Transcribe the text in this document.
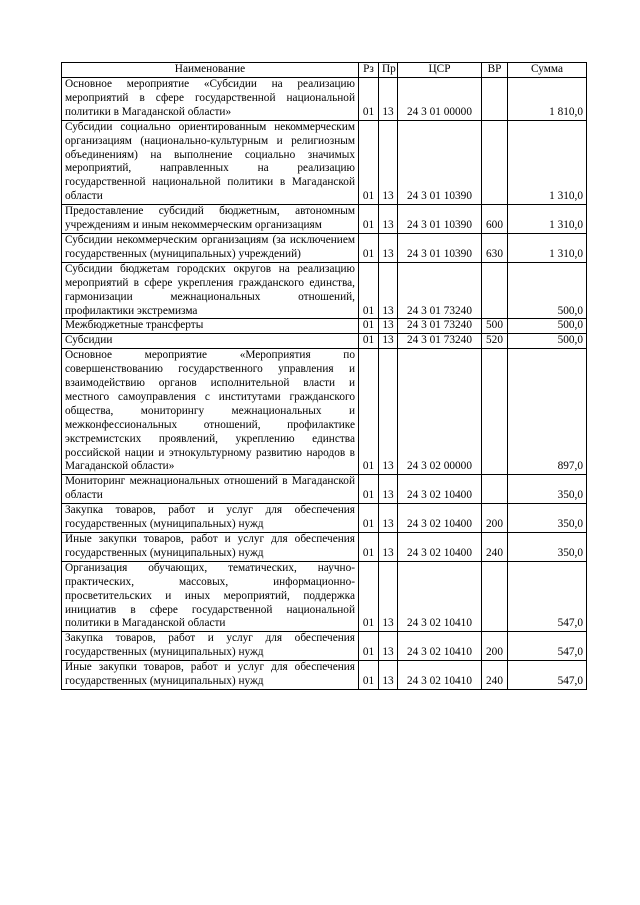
Наименование	Рз	Пр	ЦСР	ВР	Сумма
Основное мероприятие «Субсидии на реализацию мероприятий в сфере государственной национальной политики в Магаданской области»	01	13	24 3 01 00000		1 810,0
Субсидии социально ориентированным некоммерческим организациям (национально-культурным и религиозным объединениям) на выполнение социально значимых мероприятий, направленных на реализацию государственной национальной политики в Магаданской области	01	13	24 3 01 10390		1 310,0
Предоставление субсидий бюджетным, автономным учреждениям и иным некоммерческим организациям	01	13	24 3 01 10390	600	1 310,0
Субсидии некоммерческим организациям (за исключением государственных (муниципальных) учреждений)	01	13	24 3 01 10390	630	1 310,0
Субсидии бюджетам городских округов на реализацию мероприятий в сфере укрепления гражданского единства, гармонизации межнациональных отношений, профилактики экстремизма	01	13	24 3 01 73240		500,0
Межбюджетные трансферты	01	13	24 3 01 73240	500	500,0
Субсидии	01	13	24 3 01 73240	520	500,0
Основное мероприятие «Мероприятия по совершенствованию государственного управления и взаимодействию органов исполнительной власти и местного самоуправления с институтами гражданского общества, мониторингу межнациональных и межконфессиональных отношений, профилактике экстремистских проявлений, укреплению единства российской нации и этнокультурному развитию народов в Магаданской области»	01	13	24 3 02 00000		897,0
Мониторинг межнациональных отношений в Магаданской области	01	13	24 3 02 10400		350,0
Закупка товаров, работ и услуг для обеспечения государственных (муниципальных) нужд	01	13	24 3 02 10400	200	350,0
Иные закупки товаров, работ и услуг для обеспечения государственных (муниципальных) нужд	01	13	24 3 02 10400	240	350,0
Организация обучающих, тематических, научно-практических, массовых, информационно-просветительских и иных мероприятий, поддержка инициатив в сфере государственной национальной политики в Магаданской области	01	13	24 3 02 10410		547,0
Закупка товаров, работ и услуг для обеспечения государственных (муниципальных) нужд	01	13	24 3 02 10410	200	547,0
Иные закупки товаров, работ и услуг для обеспечения государственных (муниципальных) нужд	01	13	24 3 02 10410	240	547,0
